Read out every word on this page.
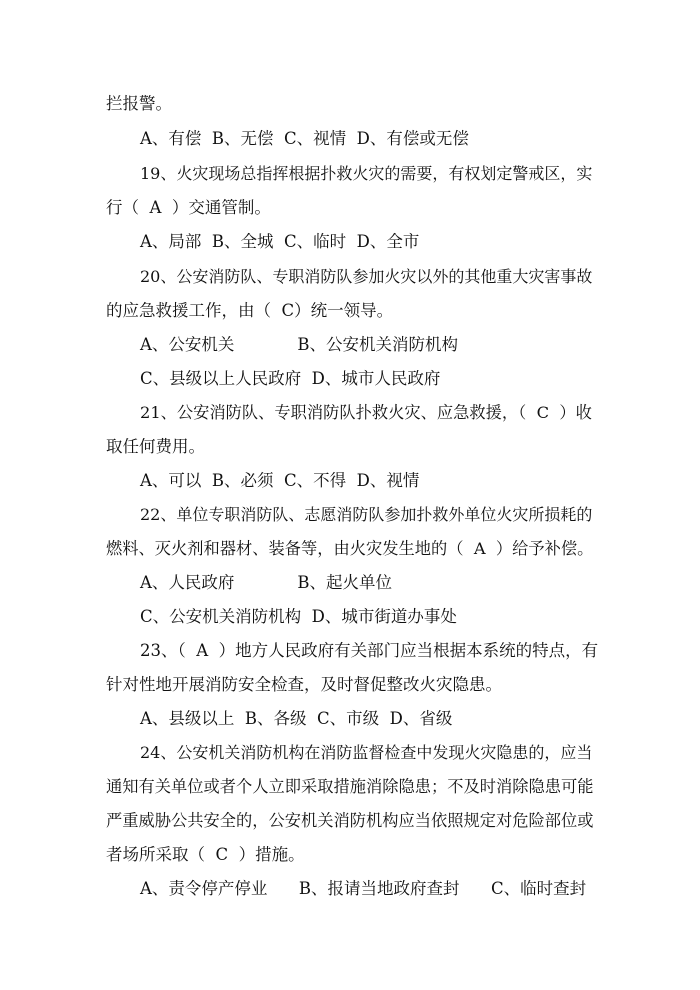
拦报警。
A、有偿  B、无偿  C、视情  D、有偿或无偿
19、火灾现场总指挥根据扑救火灾的需要，有权划定警戒区，实
行（  A  ）交通管制。
A、局部  B、全城  C、临时  D、全市
20、公安消防队、专职消防队参加火灾以外的其他重大灾害事故
的应急救援工作，由（  C）统一领导。
A、公安机关            B、公安机关消防机构
C、县级以上人民政府  D、城市人民政府
21、公安消防队、专职消防队扑救火灾、应急救援，（  C  ）收
取任何费用。
A、可以  B、必须  C、不得  D、视情
22、单位专职消防队、志愿消防队参加扑救外单位火灾所损耗的
燃料、灭火剂和器材、装备等，由火灾发生地的（  A  ）给予补偿。
A、人民政府            B、起火单位
C、公安机关消防机构  D、城市街道办事处
23、（  A  ）地方人民政府有关部门应当根据本系统的特点，有
针对性地开展消防安全检查，及时督促整改火灾隐患。
A、县级以上  B、各级  C、市级  D、省级
24、公安机关消防机构在消防监督检查中发现火灾隐患的，应当
通知有关单位或者个人立即采取措施消除隐患；不及时消除隐患可能
严重威胁公共安全的，公安机关消防机构应当依照规定对危险部位或
者场所采取（  C  ）措施。
A、责令停产停业      B、报请当地政府查封      C、临时查封
